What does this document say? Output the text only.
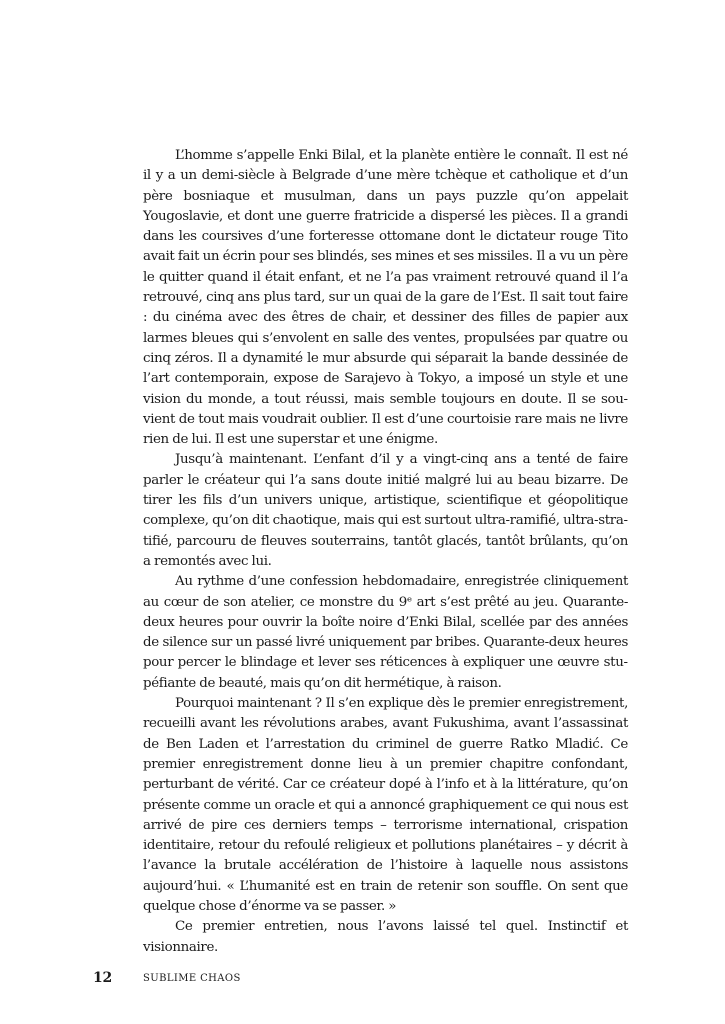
L’homme s’appelle Enki Bilal, et la planète entière le connaît. Il est né il y a un demi-siècle à Belgrade d’une mère tchèque et catholique et d’un père bosniaque et musulman, dans un pays puzzle qu’on appelait Yougoslavie, et dont une guerre fratricide a dispersé les pièces. Il a grandi dans les coursives d’une forteresse ottomane dont le dictateur rouge Tito avait fait un écrin pour ses blindés, ses mines et ses missiles. Il a vu un père le quitter quand il était enfant, et ne l’a pas vraiment retrouvé quand il l’a retrouvé, cinq ans plus tard, sur un quai de la gare de l’Est. Il sait tout faire : du cinéma avec des êtres de chair, et dessiner des filles de papier aux larmes bleues qui s’envolent en salle des ventes, propulsées par quatre ou cinq zéros. Il a dynamité le mur absurde qui séparait la bande dessinée de l’art contemporain, expose de Sarajevo à Tokyo, a imposé un style et une vision du monde, a tout réussi, mais semble toujours en doute. Il se souvient de tout mais voudrait oublier. Il est d’une courtoisie rare mais ne livre rien de lui. Il est une superstar et une énigme.

Jusqu’à maintenant. L’enfant d’il y a vingt-cinq ans a tenté de faire parler le créateur qui l’a sans doute initié malgré lui au beau bizarre. De tirer les fils d’un univers unique, artistique, scientifique et géopolitique complexe, qu’on dit chaotique, mais qui est surtout ultra-ramifié, ultra-stratifié, parcouru de fleuves souterrains, tantôt glacés, tantôt brûlants, qu’on a remontés avec lui.

Au rythme d’une confession hebdomadaire, enregistrée cliniquement au cœur de son atelier, ce monstre du 9ᵉ art s’est prêté au jeu. Quarante-deux heures pour ouvrir la boîte noire d’Enki Bilal, scellée par des années de silence sur un passé livré uniquement par bribes. Quarante-deux heures pour percer le blindage et lever ses réticences à expliquer une œuvre stupéfiante de beauté, mais qu’on dit hermétique, à raison.

Pourquoi maintenant ? Il s’en explique dès le premier enregistrement, recueilli avant les révolutions arabes, avant Fukushima, avant l’assassinat de Ben Laden et l’arrestation du criminel de guerre Ratko Mladić. Ce premier enregistrement donne lieu à un premier chapitre confondant, perturbant de vérité. Car ce créateur dopé à l’info et à la littérature, qu’on présente comme un oracle et qui a annoncé graphiquement ce qui nous est arrivé de pire ces derniers temps – terrorisme international, crispation identitaire, retour du refoulé religieux et pollutions planétaires – y décrit à l’avance la brutale accélération de l’histoire à laquelle nous assistons aujourd’hui. « L’humanité est en train de retenir son souffle. On sent que quelque chose d’énorme va se passer. »

Ce premier entretien, nous l’avons laissé tel quel. Instinctif et visionnaire.

12	SUBLIME CHAOS
